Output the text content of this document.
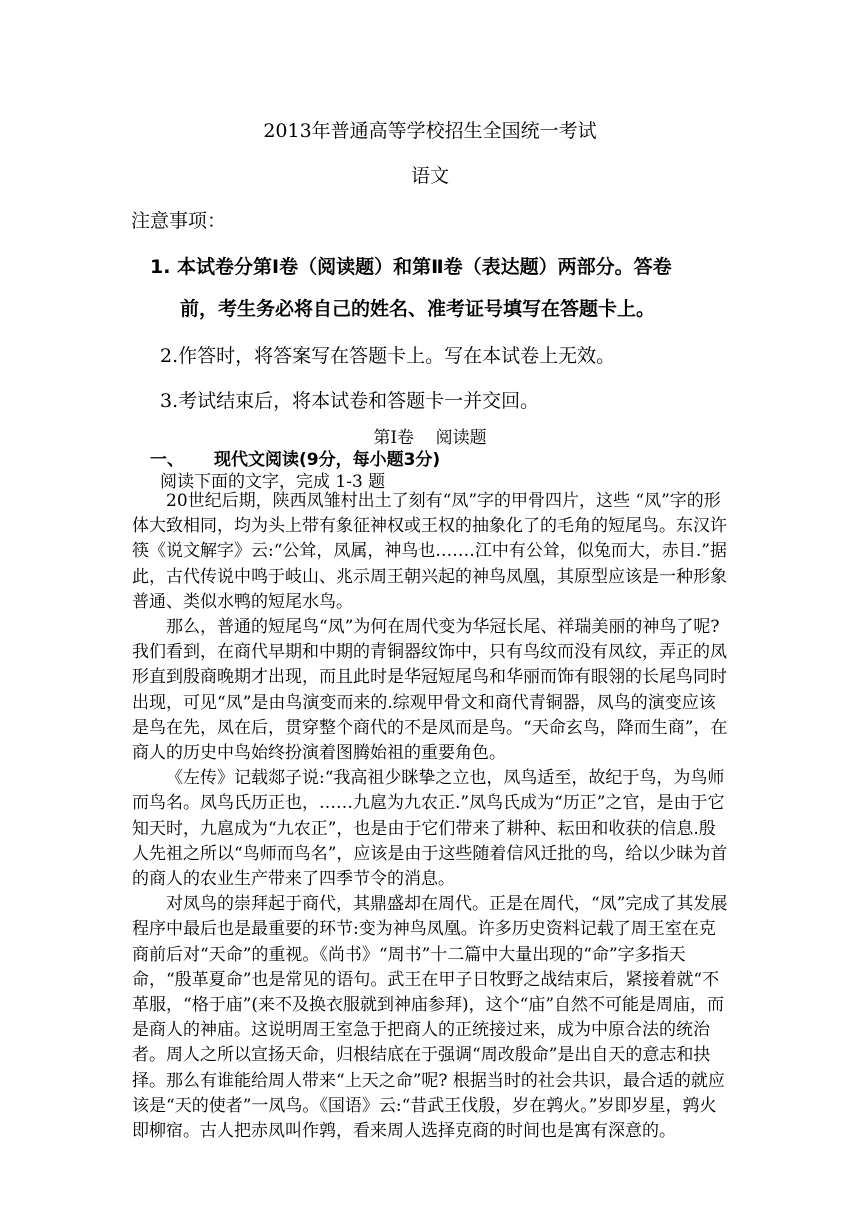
2013年普通高等学校招生全国统一考试

语文

注意事项：

1. 本试卷分第Ⅰ卷（阅读题）和第Ⅱ卷（表达题）两部分。答卷

前，考生务必将自己的姓名、准考证号填写在答题卡上。

2.作答时，将答案写在答题卡上。写在本试卷上无效。

3.考试结束后，将本试卷和答题卡一并交回。

第Ⅰ卷    阅读题

一、 现代文阅读(9分，每小题3分)

阅读下面的文字，完成 1-3 题

20世纪后期，陕西凤雏村出土了刻有“凤”字的甲骨四片，这些 “凤”字的形体大致相同，均为头上带有象征神权或王权的抽象化了的毛角的短尾鸟。东汉许筷《说文解字》云:“公耸，凤属，神鸟也.……江中有公耸，似兔而大，赤目.”据此，古代传说中鸣于岐山、兆示周王朝兴起的神鸟凤凰，其原型应该是一种形象普通、类似水鸭的短尾水鸟。

那么，普通的短尾鸟“凤”为何在周代变为华冠长尾、祥瑞美丽的神鸟了呢?我们看到，在商代早期和中期的青铜器纹饰中，只有鸟纹而没有凤纹，弄正的凤形直到殷商晚期才出现，而且此时是华冠短尾鸟和华丽而饰有眼翎的长尾鸟同时出现，可见“凤”是由鸟演变而来的.综观甲骨文和商代青铜器，凤鸟的演变应该是鸟在先，凤在后，贯穿整个商代的不是凤而是鸟。“天命玄鸟，降而生商”，在商人的历史中鸟始终扮演着图腾始祖的重要角色。

《左传》记载郯子说:“我高祖少眯挚之立也，凤鸟适至，故纪于鸟，为鸟师而鸟名。凤鸟氏历正也，……九扈为九农正.”凤鸟氏成为“历正”之官，是由于它知天时，九扈成为“九农正”，也是由于它们带来了耕种、耘田和收获的信息.殷人先祖之所以“鸟师而鸟名”，应该是由于这些随着信风迁批的鸟，给以少昧为首的商人的农业生产带来了四季节令的消息。

对凤鸟的崇拜起于商代，其鼎盛却在周代。正是在周代，“凤”完成了其发展程序中最后也是最重要的环节:变为神鸟凤凰。许多历史资料记载了周王室在克商前后对“天命”的重视。《尚书》“周书”十二篇中大量出现的“命”字多指天命，“殷革夏命”也是常见的语句。武王在甲子日牧野之战结束后，紧接着就“不革服，“格于庙”(来不及换衣服就到神庙参拜)，这个“庙”自然不可能是周庙，而是商人的神庙。这说明周王室急于把商人的正统接过来，成为中原合法的统治者。周人之所以宣扬天命，归根结底在于强调“周改殷命”是出自天的意志和抉择。那么有谁能给周人带来“上天之命”呢? 根据当时的社会共识，最合适的就应该是“天的使者”一凤鸟。《国语》云:“昔武王伐殷，岁在鹑火。”岁即岁星，鹑火即柳宿。古人把赤凤叫作鹑，看来周人选择克商的时间也是寓有深意的。
